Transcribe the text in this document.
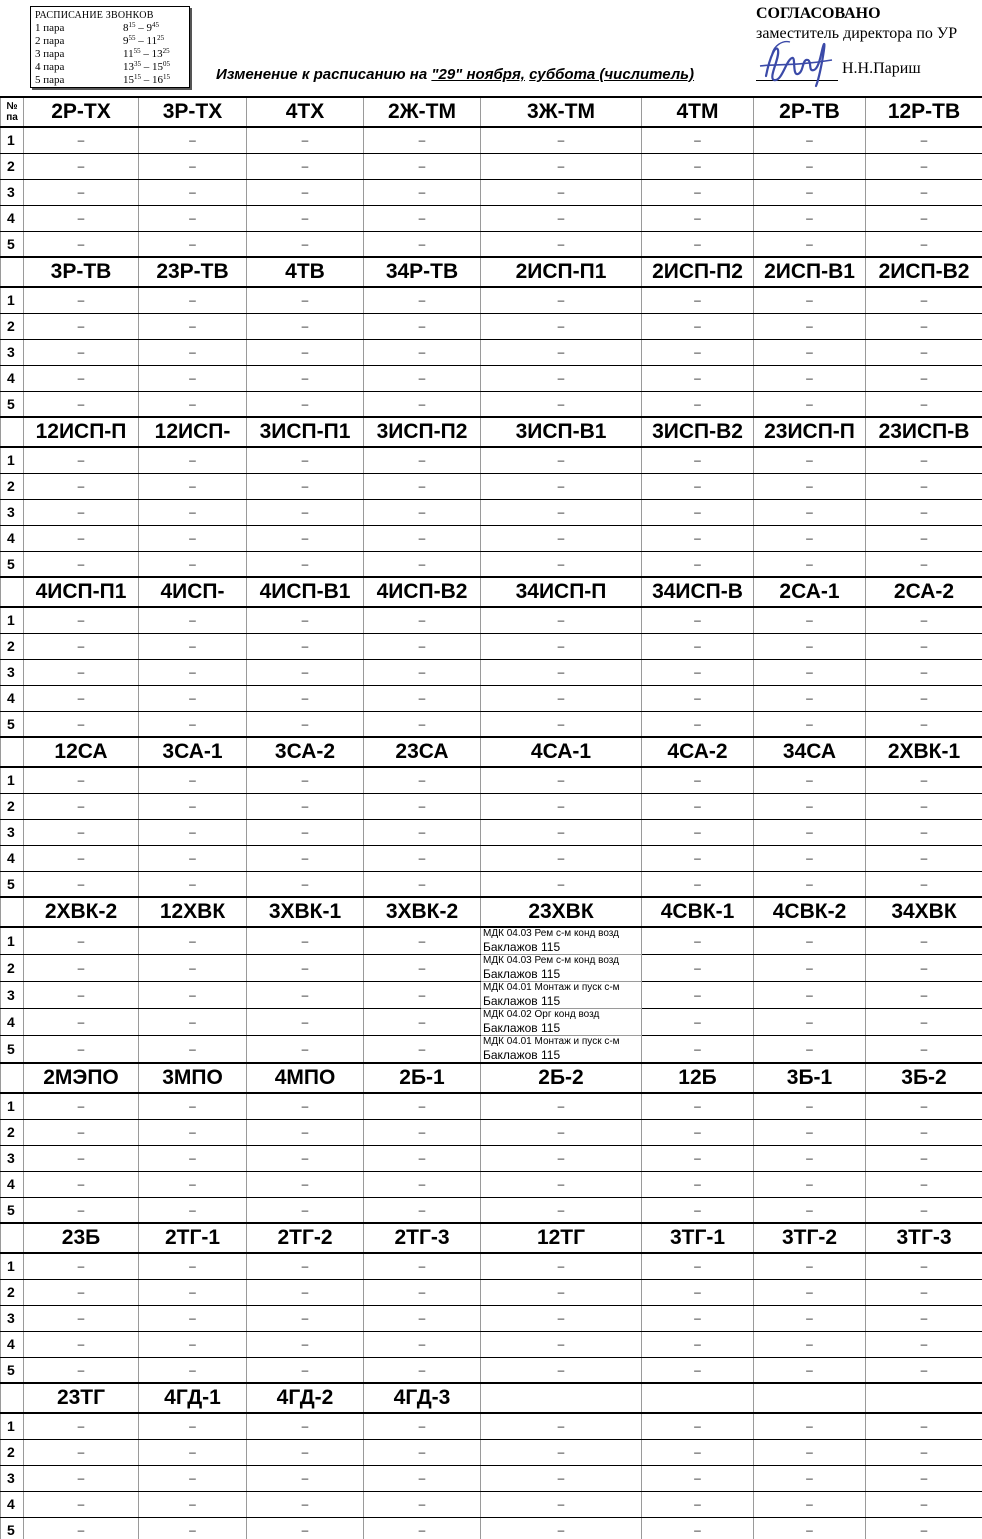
РАСПИСАНИЕ ЗВОНКОВ
1 пара	$8^{15} - 9^{45}$
2 пара	$9^{55} - 11^{25}$
3 пара	$11^{55} - 13^{25}$
4 пара	$13^{35} - 15^{05}$
5 пара	$15^{15} - 16^{15}$
СОГЛАСОВАНО
заместитель директора по УР
Н.Н.Париш
Изменение к расписанию на "29" ноября, суббота (числитель)
№ па	2Р-ТХ	3Р-ТХ	4ТХ	2Ж-ТМ	3Ж-ТМ	4ТМ	2Р-ТВ	12Р-ТВ
1	–	–	–	–	–	–	–	–
2	–	–	–	–	–	–	–	–
3	–	–	–	–	–	–	–	–
4	–	–	–	–	–	–	–	–
5	–	–	–	–	–	–	–	–
	3Р-ТВ	23Р-ТВ	4ТВ	34Р-ТВ	2ИСП-П1	2ИСП-П2	2ИСП-В1	2ИСП-В2
1	–	–	–	–	–	–	–	–
2	–	–	–	–	–	–	–	–
3	–	–	–	–	–	–	–	–
4	–	–	–	–	–	–	–	–
5	–	–	–	–	–	–	–	–
	12ИСП-П	12ИСП-	3ИСП-П1	3ИСП-П2	3ИСП-В1	3ИСП-В2	23ИСП-П	23ИСП-В
1	–	–	–	–	–	–	–	–
2	–	–	–	–	–	–	–	–
3	–	–	–	–	–	–	–	–
4	–	–	–	–	–	–	–	–
5	–	–	–	–	–	–	–	–
	4ИСП-П1	4ИСП-	4ИСП-В1	4ИСП-В2	34ИСП-П	34ИСП-В	2СА-1	2СА-2
1	–	–	–	–	–	–	–	–
2	–	–	–	–	–	–	–	–
3	–	–	–	–	–	–	–	–
4	–	–	–	–	–	–	–	–
5	–	–	–	–	–	–	–	–
	12СА	3СА-1	3СА-2	23СА	4СА-1	4СА-2	34СА	2ХВК-1
1	–	–	–	–	–	–	–	–
2	–	–	–	–	–	–	–	–
3	–	–	–	–	–	–	–	–
4	–	–	–	–	–	–	–	–
5	–	–	–	–	–	–	–	–
	2ХВК-2	12ХВК	3ХВК-1	3ХВК-2	23ХВК	4СВК-1	4СВК-2	34ХВК
1	–	–	–	–	МДК 04.03 Рем с-м конд возд
Баклажов 115	–	–	–
2	–	–	–	–	МДК 04.03 Рем с-м конд возд
Баклажов 115	–	–	–
3	–	–	–	–	МДК 04.01 Монтаж и пуск с-м
Баклажов 115	–	–	–
4	–	–	–	–	МДК 04.02 Орг конд возд
Баклажов 115	–	–	–
5	–	–	–	–	МДК 04.01 Монтаж и пуск с-м
Баклажов 115	–	–	–
	2МЭПО	3МПО	4МПО	2Б-1	2Б-2	12Б	3Б-1	3Б-2
1	–	–	–	–	–	–	–	–
2	–	–	–	–	–	–	–	–
3	–	–	–	–	–	–	–	–
4	–	–	–	–	–	–	–	–
5	–	–	–	–	–	–	–	–
	23Б	2ТГ-1	2ТГ-2	2ТГ-3	12ТГ	3ТГ-1	3ТГ-2	3ТГ-3
1	–	–	–	–	–	–	–	–
2	–	–	–	–	–	–	–	–
3	–	–	–	–	–	–	–	–
4	–	–	–	–	–	–	–	–
5	–	–	–	–	–	–	–	–
	23ТГ	4ГД-1	4ГД-2	4ГД-3				
1	–	–	–	–	–	–	–	–
2	–	–	–	–	–	–	–	–
3	–	–	–	–	–	–	–	–
4	–	–	–	–	–	–	–	–
5	–	–	–	–	–	–	–	–
